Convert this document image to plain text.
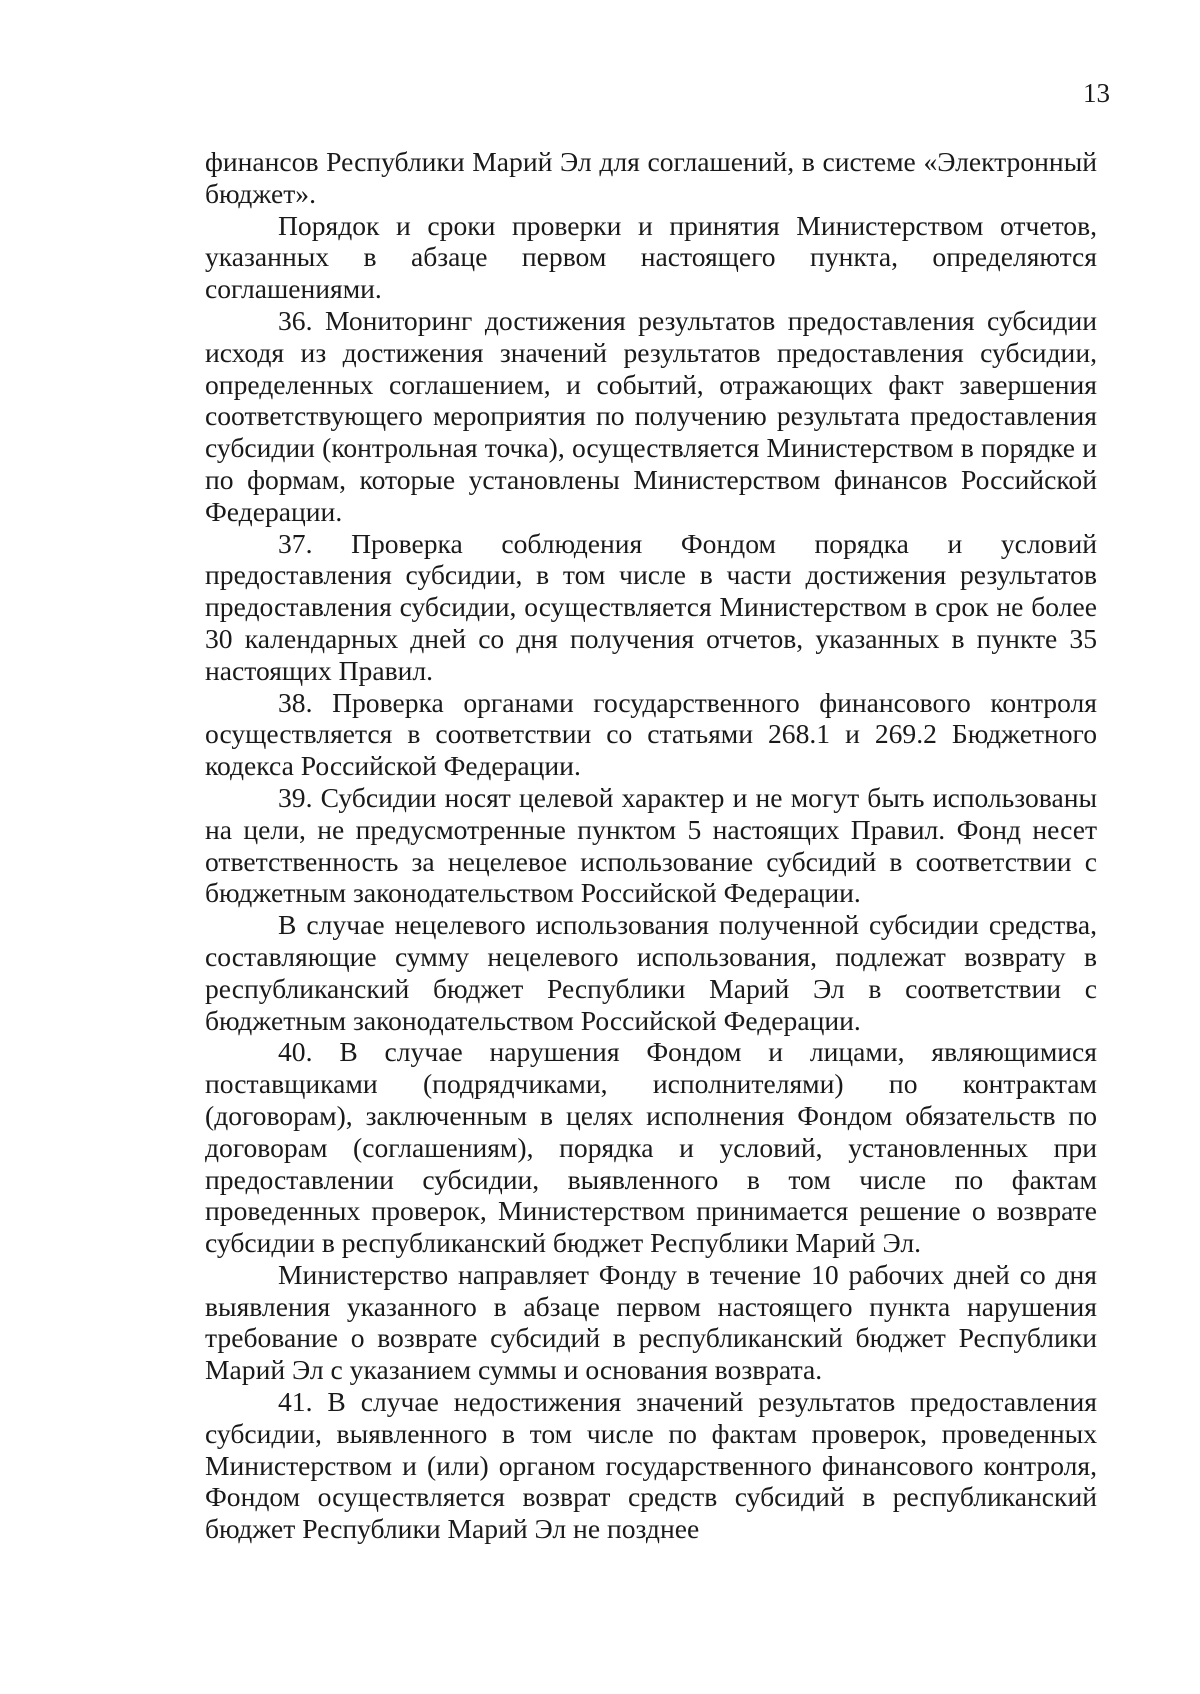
13

финансов Республики Марий Эл для соглашений, в системе «Электронный бюджет».

Порядок и сроки проверки и принятия Министерством отчетов, указанных в абзаце первом настоящего пункта, определяются соглашениями.

36. Мониторинг достижения результатов предоставления субсидии исходя из достижения значений результатов предоставления субсидии, определенных соглашением, и событий, отражающих факт завершения соответствующего мероприятия по получению результата предоставления субсидии (контрольная точка), осуществляется Министерством в порядке и по формам, которые установлены Министерством финансов Российской Федерации.

37. Проверка соблюдения Фондом порядка и условий предоставления субсидии, в том числе в части достижения результатов предоставления субсидии, осуществляется Министерством в срок не более 30 календарных дней со дня получения отчетов, указанных в пункте 35 настоящих Правил.

38. Проверка органами государственного финансового контроля осуществляется в соответствии со статьями 268.1 и 269.2 Бюджетного кодекса Российской Федерации.

39. Субсидии носят целевой характер и не могут быть использованы на цели, не предусмотренные пунктом 5 настоящих Правил. Фонд несет ответственность за нецелевое использование субсидий в соответствии с бюджетным законодательством Российской Федерации.

В случае нецелевого использования полученной субсидии средства, составляющие сумму нецелевого использования, подлежат возврату в республиканский бюджет Республики Марий Эл в соответствии с бюджетным законодательством Российской Федерации.

40. В случае нарушения Фондом и лицами, являющимися поставщиками (подрядчиками, исполнителями) по контрактам (договорам), заключенным в целях исполнения Фондом обязательств по договорам (соглашениям), порядка и условий, установленных при предоставлении субсидии, выявленного в том числе по фактам проведенных проверок, Министерством принимается решение о возврате субсидии в республиканский бюджет Республики Марий Эл.

Министерство направляет Фонду в течение 10 рабочих дней со дня выявления указанного в абзаце первом настоящего пункта нарушения требование о возврате субсидий в республиканский бюджет Республики Марий Эл с указанием суммы и основания возврата.

41. В случае недостижения значений результатов предоставления субсидии, выявленного в том числе по фактам проверок, проведенных Министерством и (или) органом государственного финансового контроля, Фондом осуществляется возврат средств субсидий в республиканский бюджет Республики Марий Эл не позднее
